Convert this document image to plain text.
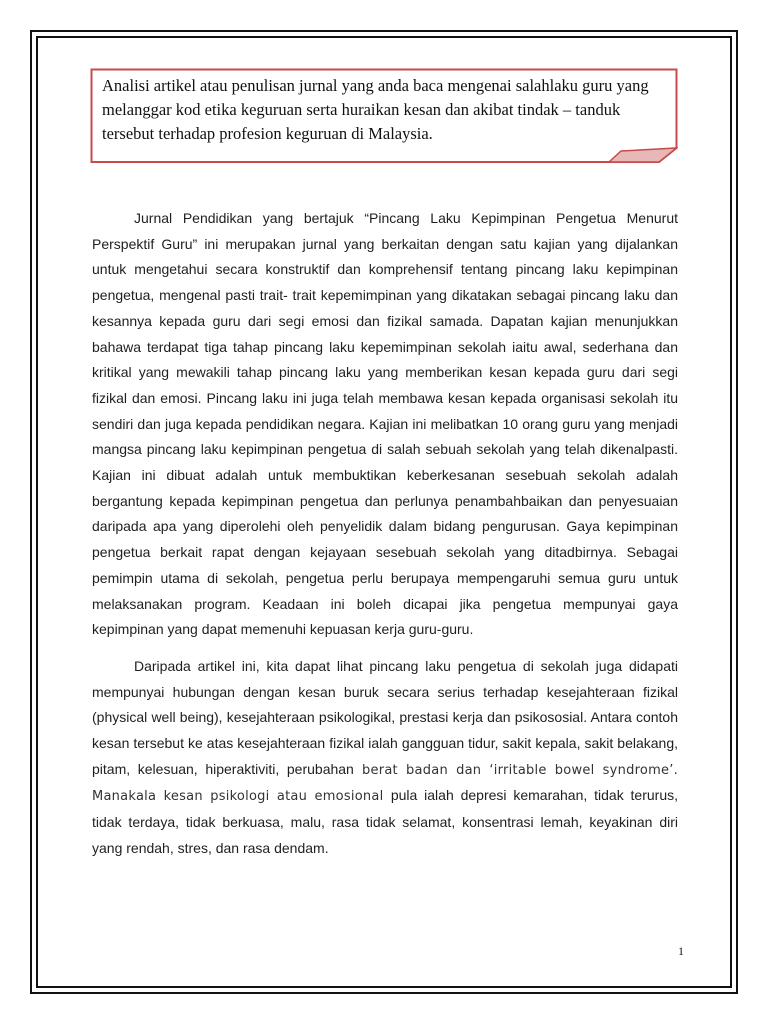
Analisi artikel atau penulisan jurnal yang anda baca mengenai salahlaku guru yang melanggar kod etika keguruan serta huraikan kesan dan akibat tindak – tanduk tersebut terhadap profesion keguruan di Malaysia.

Jurnal Pendidikan yang bertajuk “Pincang Laku Kepimpinan Pengetua Menurut Perspektif Guru” ini merupakan jurnal yang berkaitan dengan satu kajian yang dijalankan untuk mengetahui secara konstruktif dan komprehensif tentang pincang laku kepimpinan pengetua, mengenal pasti trait- trait kepemimpinan yang dikatakan sebagai pincang laku dan kesannya kepada guru dari segi emosi dan fizikal samada. Dapatan kajian menunjukkan bahawa terdapat tiga tahap pincang laku kepemimpinan sekolah iaitu awal, sederhana dan kritikal yang mewakili tahap pincang laku yang memberikan kesan kepada guru dari segi fizikal dan emosi. Pincang laku ini juga telah membawa kesan kepada organisasi sekolah itu sendiri dan juga kepada pendidikan negara. Kajian ini melibatkan 10 orang guru yang menjadi mangsa pincang laku kepimpinan pengetua di salah sebuah sekolah yang telah dikenalpasti. Kajian ini dibuat adalah untuk membuktikan keberkesanan sesebuah sekolah adalah bergantung kepada kepimpinan pengetua dan perlunya penambahbaikan dan penyesuaian daripada apa yang diperolehi oleh penyelidik dalam bidang pengurusan. Gaya kepimpinan pengetua berkait rapat dengan kejayaan sesebuah sekolah yang ditadbirnya. Sebagai pemimpin utama di sekolah, pengetua perlu berupaya mempengaruhi semua guru untuk melaksanakan program. Keadaan ini boleh dicapai jika pengetua mempunyai gaya kepimpinan yang dapat memenuhi kepuasan kerja guru-guru.

Daripada artikel ini, kita dapat lihat pincang laku pengetua di sekolah juga didapati mempunyai hubungan dengan kesan buruk secara serius terhadap kesejahteraan fizikal (physical well being), kesejahteraan psikologikal, prestasi kerja dan psikososial. Antara contoh kesan tersebut ke atas kesejahteraan fizikal ialah gangguan tidur, sakit kepala, sakit belakang, pitam, kelesuan, hiperaktiviti, perubahan berat badan dan ‘irritable bowel syndrome’. Manakala kesan psikologi atau emosional pula ialah depresi kemarahan, tidak terurus, tidak terdaya, tidak berkuasa, malu, rasa tidak selamat, konsentrasi lemah, keyakinan diri yang rendah, stres, dan rasa dendam.

1
